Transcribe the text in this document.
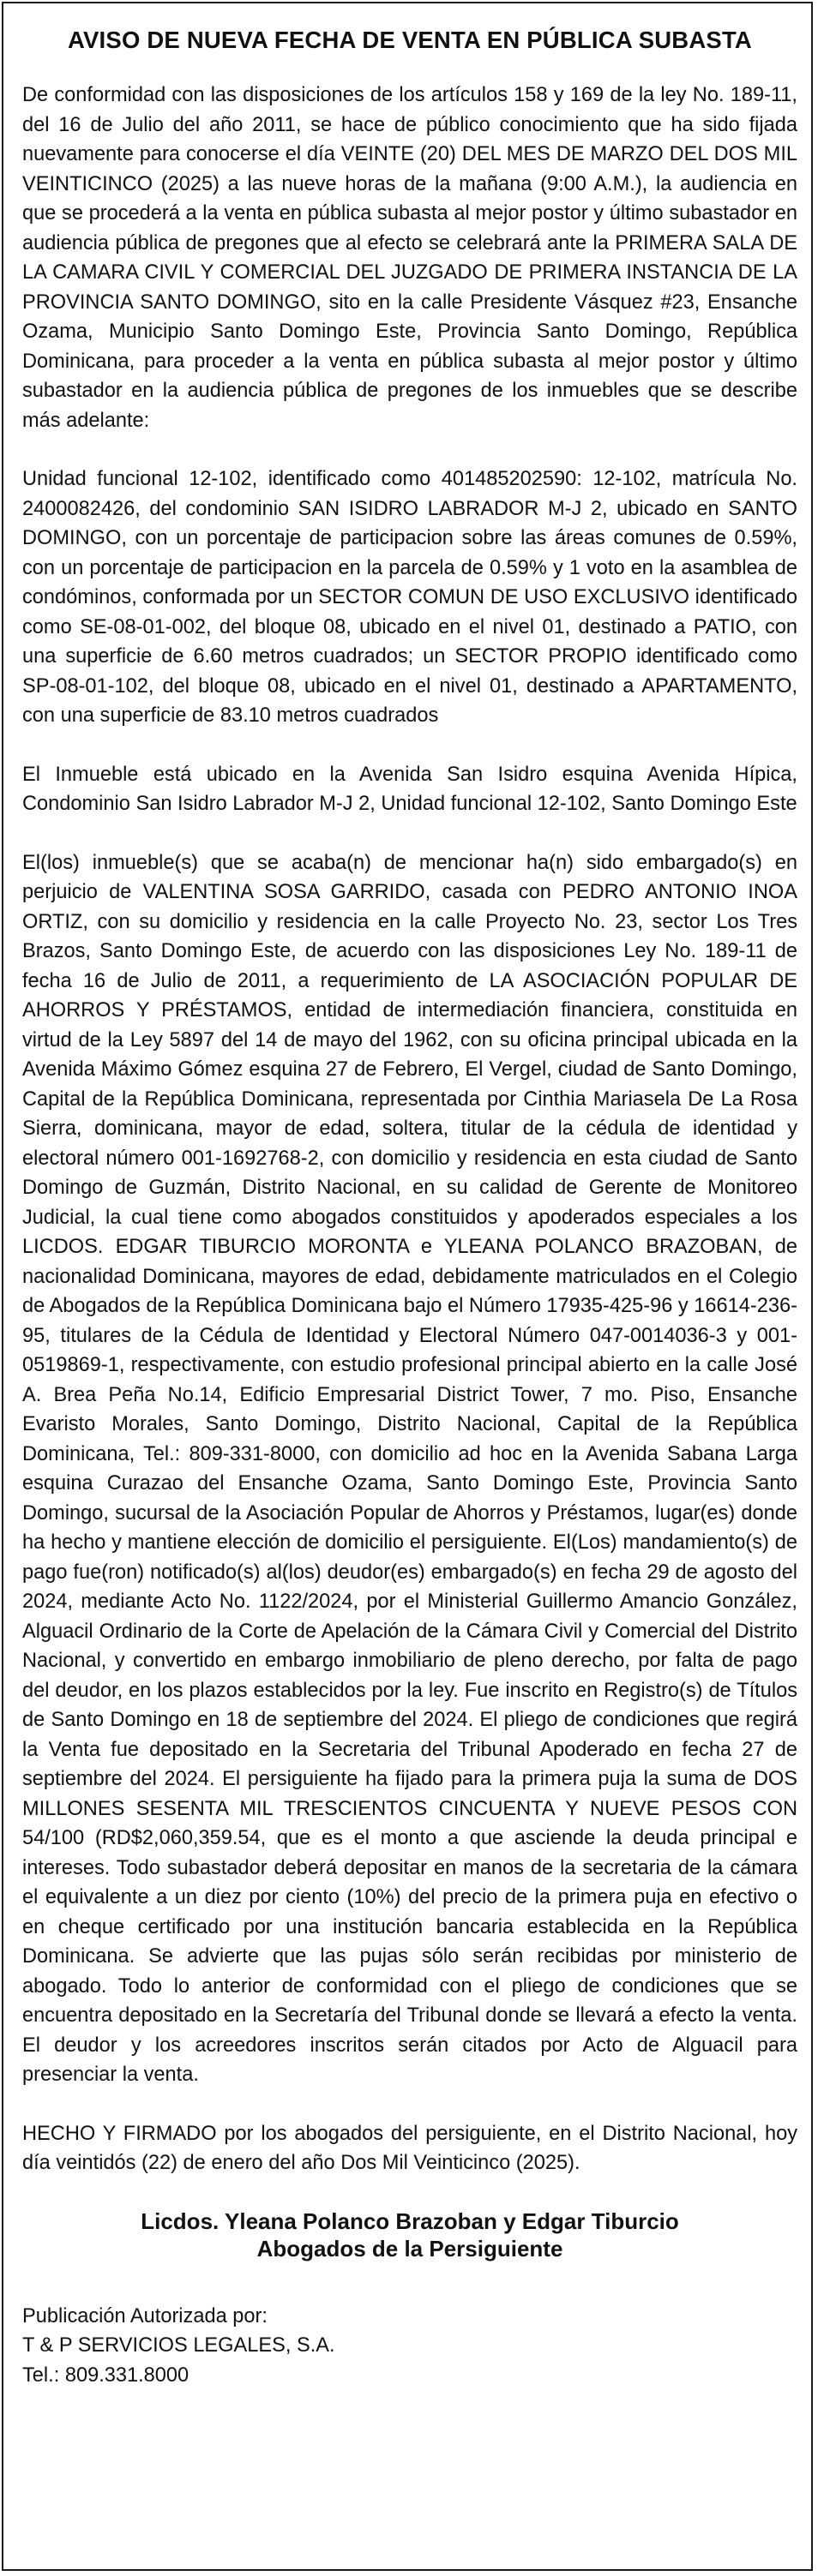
AVISO DE NUEVA FECHA DE VENTA EN PÚBLICA SUBASTA

De conformidad con las disposiciones de los artículos 158 y 169 de la ley No. 189-11, del 16 de Julio del año 2011, se hace de público conocimiento que ha sido fijada nuevamente para conocerse el día VEINTE (20) DEL MES DE MARZO DEL DOS MIL VEINTICINCO (2025) a las nueve horas de la mañana (9:00 A.M.), la audiencia en que se procederá a la venta en pública subasta al mejor postor y último subastador en audiencia pública de pregones que al efecto se celebrará ante la PRIMERA SALA DE LA CAMARA CIVIL Y COMERCIAL DEL JUZGADO DE PRIMERA INSTANCIA DE LA PROVINCIA SANTO DOMINGO, sito en la calle Presidente Vásquez #23, Ensanche Ozama, Municipio Santo Domingo Este, Provincia Santo Domingo, República Dominicana, para proceder a la venta en pública subasta al mejor postor y último subastador en la audiencia pública de pregones de los inmuebles que se describe más adelante:

Unidad funcional 12-102, identificado como 401485202590: 12-102, matrícula No. 2400082426, del condominio SAN ISIDRO LABRADOR M-J 2, ubicado en SANTO DOMINGO, con un porcentaje de participacion sobre las áreas comunes de 0.59%, con un porcentaje de participacion en la parcela de 0.59% y 1 voto en la asamblea de condóminos, conformada por un SECTOR COMUN DE USO EXCLUSIVO identificado como SE-08-01-002, del bloque 08, ubicado en el nivel 01, destinado a PATIO, con una superficie de 6.60 metros cuadrados; un SECTOR PROPIO identificado como SP-08-01-102, del bloque 08, ubicado en el nivel 01, destinado a APARTAMENTO, con una superficie de 83.10 metros cuadrados

El Inmueble está ubicado en la Avenida San Isidro esquina Avenida Hípica, Condominio San Isidro Labrador M-J 2, Unidad funcional 12-102, Santo Domingo Este

El(los) inmueble(s) que se acaba(n) de mencionar ha(n) sido embargado(s) en perjuicio de VALENTINA SOSA GARRIDO, casada con PEDRO ANTONIO INOA ORTIZ, con su domicilio y residencia en la calle Proyecto No. 23, sector Los Tres Brazos, Santo Domingo Este, de acuerdo con las disposiciones Ley No. 189-11 de fecha 16 de Julio de 2011, a requerimiento de LA ASOCIACIÓN POPULAR DE AHORROS Y PRÉSTAMOS, entidad de intermediación financiera, constituida en virtud de la Ley 5897 del 14 de mayo del 1962, con su oficina principal ubicada en la Avenida Máximo Gómez esquina 27 de Febrero, El Vergel, ciudad de Santo Domingo, Capital de la República Dominicana, representada por Cinthia Mariasela De La Rosa Sierra, dominicana, mayor de edad, soltera, titular de la cédula de identidad y electoral número 001-1692768-2, con domicilio y residencia en esta ciudad de Santo Domingo de Guzmán, Distrito Nacional, en su calidad de Gerente de Monitoreo Judicial, la cual tiene como abogados constituidos y apoderados especiales a los LICDOS. EDGAR TIBURCIO MORONTA e YLEANA POLANCO BRAZOBAN, de nacionalidad Dominicana, mayores de edad, debidamente matriculados en el Colegio de Abogados de la República Dominicana bajo el Número 17935-425-96 y 16614-236-95, titulares de la Cédula de Identidad y Electoral Número 047-0014036-3 y 001-0519869-1, respectivamente, con estudio profesional principal abierto en la calle José A. Brea Peña No.14, Edificio Empresarial District Tower, 7 mo. Piso, Ensanche Evaristo Morales, Santo Domingo, Distrito Nacional, Capital de la República Dominicana, Tel.: 809-331-8000, con domicilio ad hoc en la Avenida Sabana Larga esquina Curazao del Ensanche Ozama, Santo Domingo Este, Provincia Santo Domingo, sucursal de la Asociación Popular de Ahorros y Préstamos, lugar(es) donde ha hecho y mantiene elección de domicilio el persiguiente. El(Los) mandamiento(s) de pago fue(ron) notificado(s) al(los) deudor(es) embargado(s) en fecha 29 de agosto del 2024, mediante Acto No. 1122/2024, por el Ministerial Guillermo Amancio González, Alguacil Ordinario de la Corte de Apelación de la Cámara Civil y Comercial del Distrito Nacional, y convertido en embargo inmobiliario de pleno derecho, por falta de pago del deudor, en los plazos establecidos por la ley. Fue inscrito en Registro(s) de Títulos de Santo Domingo en 18 de septiembre del 2024. El pliego de condiciones que regirá la Venta fue depositado en la Secretaria del Tribunal Apoderado en fecha 27 de septiembre del 2024. El persiguiente ha fijado para la primera puja la suma de DOS MILLONES SESENTA MIL TRESCIENTOS CINCUENTA Y NUEVE PESOS CON 54/100 (RD$2,060,359.54, que es el monto a que asciende la deuda principal e intereses. Todo subastador deberá depositar en manos de la secretaria de la cámara el equivalente a un diez por ciento (10%) del precio de la primera puja en efectivo o en cheque certificado por una institución bancaria establecida en la República Dominicana. Se advierte que las pujas sólo serán recibidas por ministerio de abogado. Todo lo anterior de conformidad con el pliego de condiciones que se encuentra depositado en la Secretaría del Tribunal donde se llevará a efecto la venta. El deudor y los acreedores inscritos serán citados por Acto de Alguacil para presenciar la venta.

HECHO Y FIRMADO por los abogados del persiguiente, en el Distrito Nacional, hoy día veintidós (22) de enero del año Dos Mil Veinticinco (2025).

Licdos. Yleana Polanco Brazoban y Edgar Tiburcio
Abogados de la Persiguiente
Publicación Autorizada por:
T & P SERVICIOS LEGALES, S.A.
Tel.: 809.331.8000
